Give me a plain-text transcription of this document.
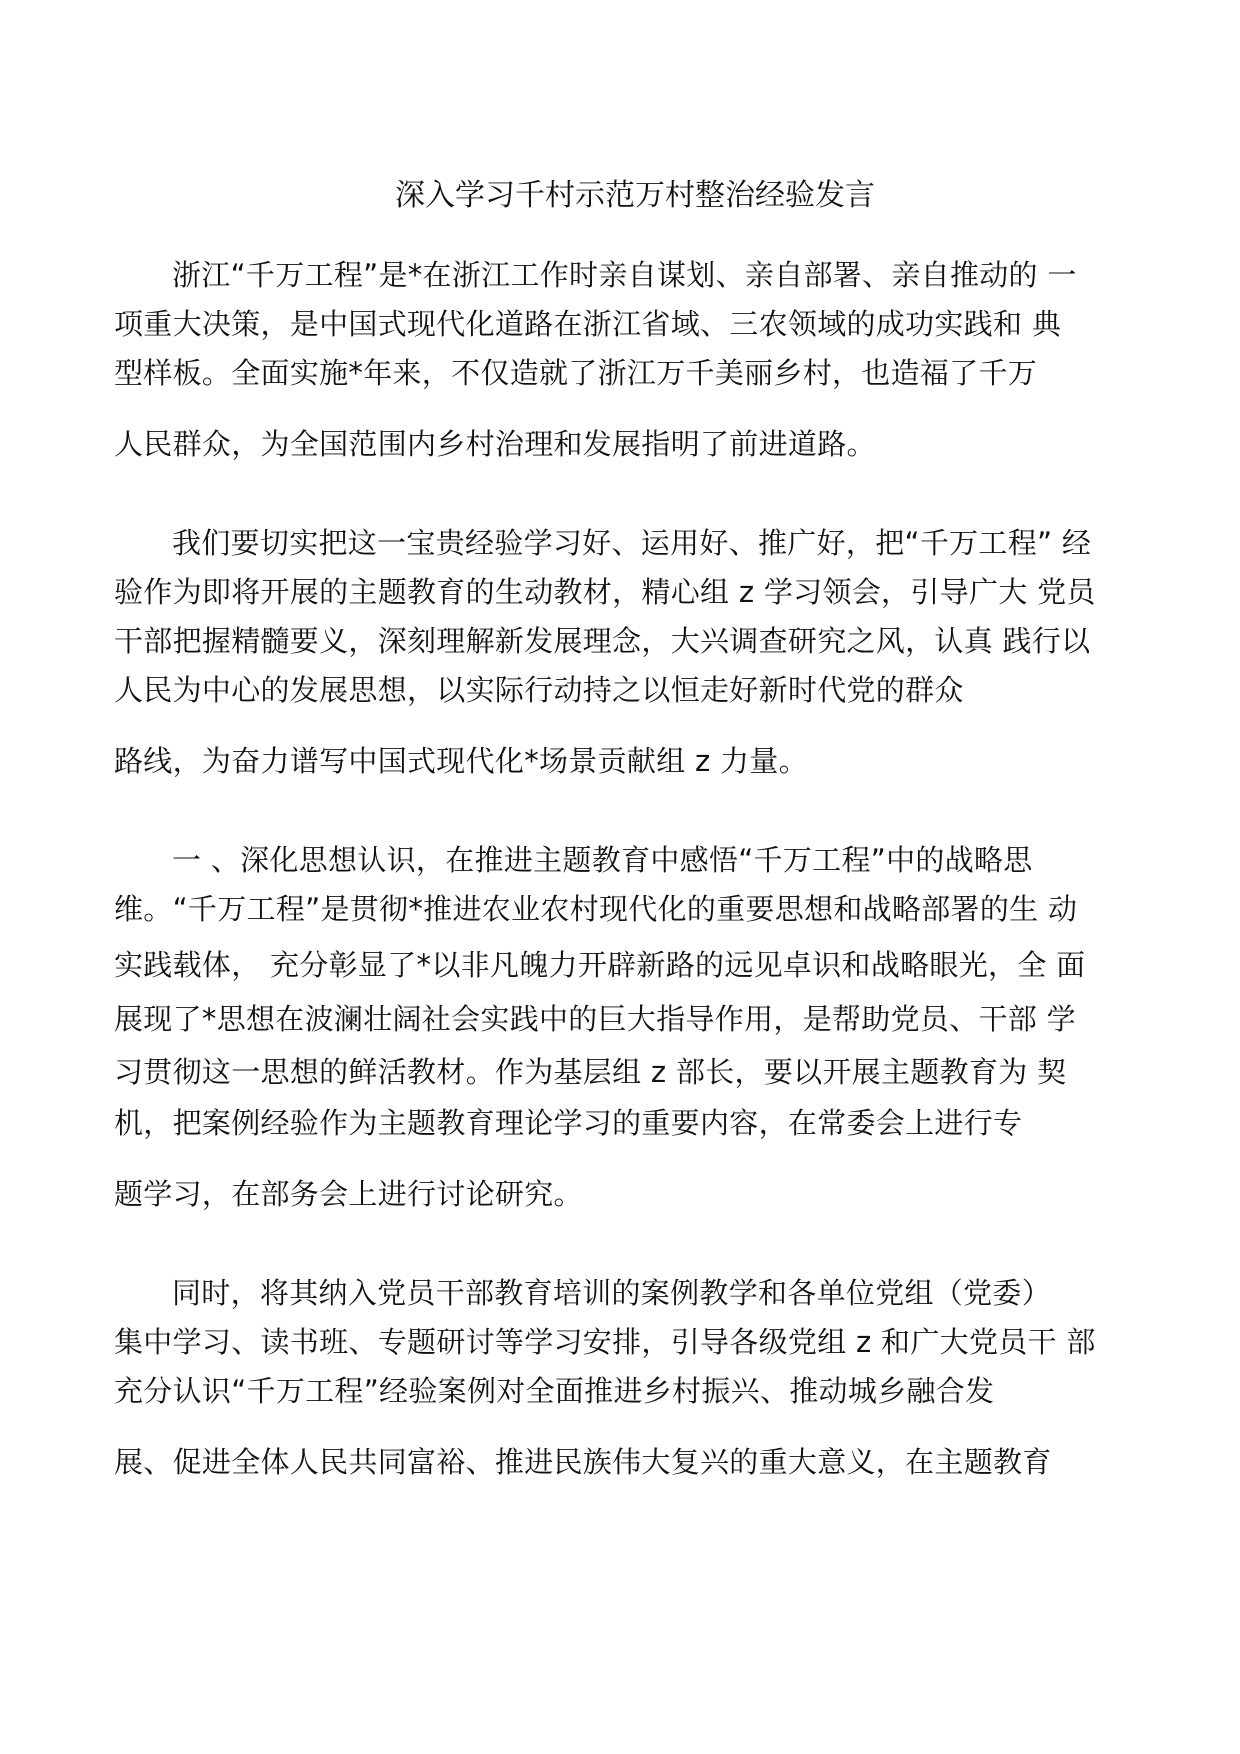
深入学习千村示范万村整治经验发言
浙江“千万工程”是*在浙江工作时亲自谋划、亲自部署、亲自推动的 一
项重大决策，是中国式现代化道路在浙江省域、三农领域的成功实践和 典
型样板。全面实施*年来，不仅造就了浙江万千美丽乡村，也造福了千万
人民群众，为全国范围内乡村治理和发展指明了前进道路。
我们要切实把这一宝贵经验学习好、运用好、推广好，把“千万工程” 经
验作为即将开展的主题教育的生动教材，精心组 z 学习领会，引导广大 党员
干部把握精髓要义，深刻理解新发展理念，大兴调查研究之风，认真 践行以
人民为中心的发展思想，以实际行动持之以恒走好新时代党的群众
路线，为奋力谱写中国式现代化*场景贡献组 z 力量。
一 、深化思想认识，在推进主题教育中感悟“千万工程”中的战略思
维。“千万工程”是贯彻*推进农业农村现代化的重要思想和战略部署的生 动
实践载体， 充分彰显了*以非凡魄力开辟新路的远见卓识和战略眼光，全 面
展现了*思想在波澜壮阔社会实践中的巨大指导作用，是帮助党员、干部 学
习贯彻这一思想的鲜活教材。作为基层组 z 部长，要以开展主题教育为 契
机，把案例经验作为主题教育理论学习的重要内容，在常委会上进行专
题学习，在部务会上进行讨论研究。
同时，将其纳入党员干部教育培训的案例教学和各单位党组（党委）
集中学习、读书班、专题研讨等学习安排，引导各级党组 z 和广大党员干 部
充分认识“千万工程”经验案例对全面推进乡村振兴、推动城乡融合发
展、促进全体人民共同富裕、推进民族伟大复兴的重大意义，在主题教育
